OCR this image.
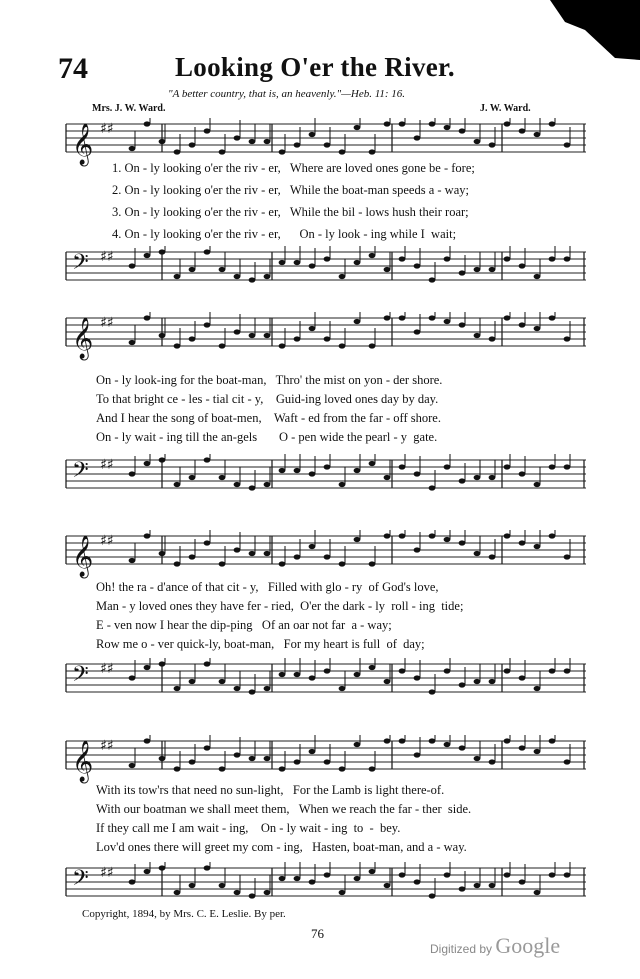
74	Looking O'er the River.
"A better country, that is, an heavenly."—Heb. 11: 16.
Mrs. J. W. Ward.	J. W. Ward.
𝄞 ♯♯
1. On - ly looking o'er the riv - er,   Where are loved ones gone be - fore;
2. On - ly looking o'er the riv - er,   While the boat-man speeds a - way;
3. On - ly looking o'er the riv - er,   While the bil - lows hush their roar;
4. On - ly looking o'er the riv - er,      On - ly look - ing while I  wait;
𝄢 ♯♯
𝄞 ♯♯
On - ly look-ing for the boat-man,   Thro' the mist on yon - der shore.
To that bright ce - les - tial cit - y,    Guid-ing loved ones day by day.
And I hear the song of boat-men,    Waft - ed from the far - off shore.
On - ly wait - ing till the an-gels       O - pen wide the pearl - y  gate.
𝄢 ♯♯
𝄞 ♯♯
Oh! the ra - d'ance of that cit - y,   Filled with glo - ry  of God's love,
Man - y loved ones they have fer - ried,  O'er the dark - ly  roll - ing  tide;
E - ven now I hear the dip-ping   Of an oar not far  a - way;
Row me o - ver quick-ly, boat-man,   For my heart is full  of  day;
𝄢 ♯♯
𝄞 ♯♯
With its tow'rs that need no sun-light,   For the Lamb is light there-of.
With our boatman we shall meet them,   When we reach the far - ther  side.
If they call me I am wait - ing,    On - ly wait - ing  to  -  bey.
Lov'd ones there will greet my com - ing,   Hasten, boat-man, and a - way.
𝄢 ♯♯
Copyright, 1894, by Mrs. C. E. Leslie. By per.
76
Digitized by Google
